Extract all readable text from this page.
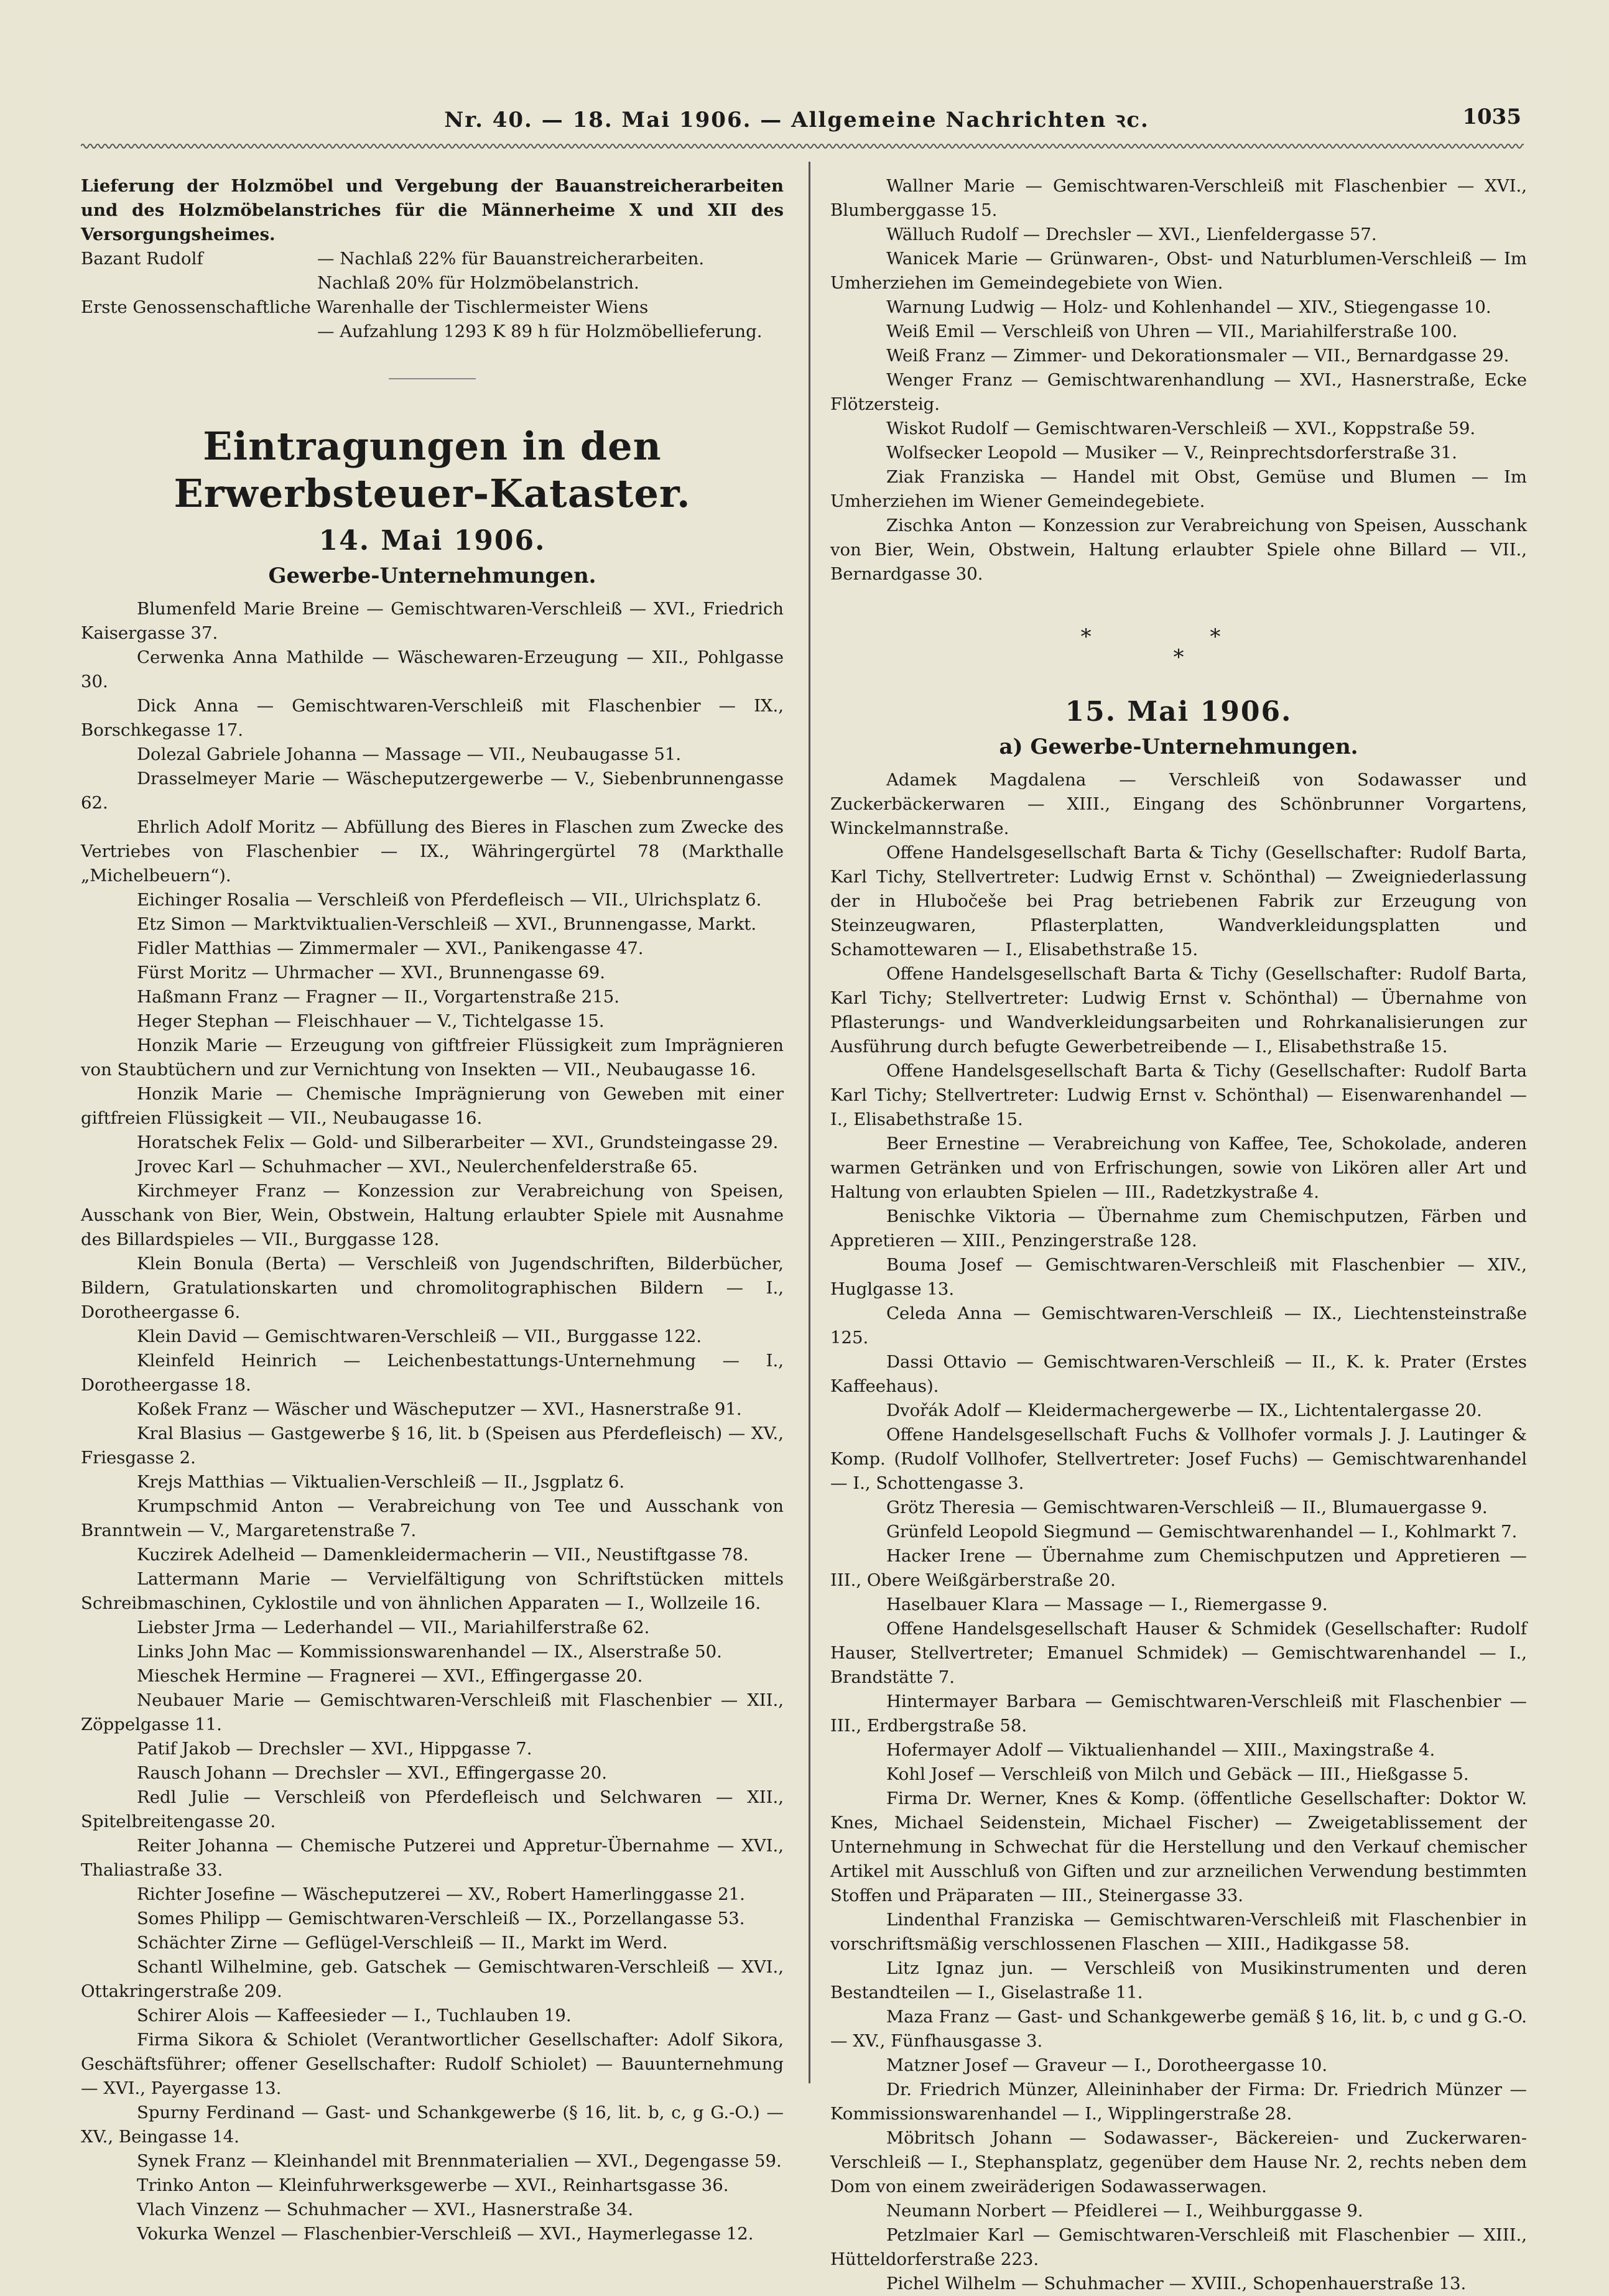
Nr. 40. — 18. Mai 1906. — Allgemeine Nachrichten ꝛc.	1035

Lieferung der Holzmöbel und Vergebung der Bauanstreicherarbeiten und des Holzmöbelanstriches für die Männerheime X und XII des Versorgungsheimes.

Bazant Rudolf	— Nachlaß 22% für Bauanstreicherarbeiten.
Nachlaß 20% für Holzmöbelanstrich.
Erste Genossenschaftliche Warenhalle der Tischlermeister Wiens
— Aufzahlung 1293 K 89 h für Holzmöbellieferung.
Eintragungen in den Erwerbsteuer-Kataster.
14. Mai 1906.
Gewerbe-Unternehmungen.

Blumenfeld Marie Breine — Gemischtwaren-Verschleiß — XVI., Friedrich Kaisergasse 37.

Cerwenka Anna Mathilde — Wäschewaren-Erzeugung — XII., Pohlgasse 30.

Dick Anna — Gemischtwaren-Verschleiß mit Flaschenbier — IX., Borschkegasse 17.

Dolezal Gabriele Johanna — Massage — VII., Neubaugasse 51.

Drasselmeyer Marie — Wäscheputzergewerbe — V., Siebenbrunnengasse 62.

Ehrlich Adolf Moritz — Abfüllung des Bieres in Flaschen zum Zwecke des Vertriebes von Flaschenbier — IX., Währingergürtel 78 (Markthalle „Michelbeuern“).

Eichinger Rosalia — Verschleiß von Pferdefleisch — VII., Ulrichsplatz 6.

Etz Simon — Marktviktualien-Verschleiß — XVI., Brunnengasse, Markt.

Fidler Matthias — Zimmermaler — XVI., Panikengasse 47.

Fürst Moritz — Uhrmacher — XVI., Brunnengasse 69.

Haßmann Franz — Fragner — II., Vorgartenstraße 215.

Heger Stephan — Fleischhauer — V., Tichtelgasse 15.

Honzik Marie — Erzeugung von giftfreier Flüssigkeit zum Imprägnieren von Staubtüchern und zur Vernichtung von Insekten — VII., Neubaugasse 16.

Honzik Marie — Chemische Imprägnierung von Geweben mit einer giftfreien Flüssigkeit — VII., Neubaugasse 16.

Horatschek Felix — Gold- und Silberarbeiter — XVI., Grundsteingasse 29.

Jrovec Karl — Schuhmacher — XVI., Neulerchenfelderstraße 65.

Kirchmeyer Franz — Konzession zur Verabreichung von Speisen, Ausschank von Bier, Wein, Obstwein, Haltung erlaubter Spiele mit Ausnahme des Billardspieles — VII., Burggasse 128.

Klein Bonula (Berta) — Verschleiß von Jugendschriften, Bilderbücher, Bildern, Gratulationskarten und chromolitographischen Bildern — I., Dorotheergasse 6.

Klein David — Gemischtwaren-Verschleiß — VII., Burggasse 122.

Kleinfeld Heinrich — Leichenbestattungs-Unternehmung — I., Dorotheergasse 18.

Koßek Franz — Wäscher und Wäscheputzer — XVI., Hasnerstraße 91.

Kral Blasius — Gastgewerbe § 16, lit. b (Speisen aus Pferdefleisch) — XV., Friesgasse 2.

Krejs Matthias — Viktualien-Verschleiß — II., Jsgplatz 6.

Krumpschmid Anton — Verabreichung von Tee und Ausschank von Branntwein — V., Margaretenstraße 7.

Kuczirek Adelheid — Damenkleidermacherin — VII., Neustiftgasse 78.

Lattermann Marie — Vervielfältigung von Schriftstücken mittels Schreibmaschinen, Cyklostile und von ähnlichen Apparaten — I., Wollzeile 16.

Liebster Jrma — Lederhandel — VII., Mariahilferstraße 62.

Links John Mac — Kommissionswarenhandel — IX., Alserstraße 50.

Mieschek Hermine — Fragnerei — XVI., Effingergasse 20.

Neubauer Marie — Gemischtwaren-Verschleiß mit Flaschenbier — XII., Zöppelgasse 11.

Patif Jakob — Drechsler — XVI., Hippgasse 7.

Rausch Johann — Drechsler — XVI., Effingergasse 20.

Redl Julie — Verschleiß von Pferdefleisch und Selchwaren — XII., Spitelbreitengasse 20.

Reiter Johanna — Chemische Putzerei und Appretur-Übernahme — XVI., Thaliastraße 33.

Richter Josefine — Wäscheputzerei — XV., Robert Hamerlinggasse 21.

Somes Philipp — Gemischtwaren-Verschleiß — IX., Porzellangasse 53.

Schächter Zirne — Geflügel-Verschleiß — II., Markt im Werd.

Schantl Wilhelmine, geb. Gatschek — Gemischtwaren-Verschleiß — XVI., Ottakringerstraße 209.

Schirer Alois — Kaffeesieder — I., Tuchlauben 19.

Firma Sikora & Schiolet (Verantwortlicher Gesellschafter: Adolf Sikora, Geschäftsführer; offener Gesellschafter: Rudolf Schiolet) — Bauunternehmung — XVI., Payergasse 13.

Spurny Ferdinand — Gast- und Schankgewerbe (§ 16, lit. b, c, g G.-O.) — XV., Beingasse 14.

Synek Franz — Kleinhandel mit Brennmaterialien — XVI., Degengasse 59.

Trinko Anton — Kleinfuhrwerksgewerbe — XVI., Reinhartsgasse 36.

Vlach Vinzenz — Schuhmacher — XVI., Hasnerstraße 34.

Vokurka Wenzel — Flaschenbier-Verschleiß — XVI., Haymerlegasse 12.

Wallner Marie — Gemischtwaren-Verschleiß mit Flaschenbier — XVI., Blumberggasse 15.

Wälluch Rudolf — Drechsler — XVI., Lienfeldergasse 57.

Wanicek Marie — Grünwaren-, Obst- und Naturblumen-Verschleiß — Im Umherziehen im Gemeindegebiete von Wien.

Warnung Ludwig — Holz- und Kohlenhandel — XIV., Stiegengasse 10.

Weiß Emil — Verschleiß von Uhren — VII., Mariahilferstraße 100.

Weiß Franz — Zimmer- und Dekorationsmaler — VII., Bernardgasse 29.

Wenger Franz — Gemischtwarenhandlung — XVI., Hasnerstraße, Ecke Flötzersteig.

Wiskot Rudolf — Gemischtwaren-Verschleiß — XVI., Koppstraße 59.

Wolfsecker Leopold — Musiker — V., Reinprechtsdorferstraße 31.

Ziak Franziska — Handel mit Obst, Gemüse und Blumen — Im Umherziehen im Wiener Gemeindegebiete.

Zischka Anton — Konzession zur Verabreichung von Speisen, Ausschank von Bier, Wein, Obstwein, Haltung erlaubter Spiele ohne Billard — VII., Bernardgasse 30.

* *
*
15. Mai 1906.
a) Gewerbe-Unternehmungen.

Adamek Magdalena — Verschleiß von Sodawasser und Zuckerbäckerwaren — XIII., Eingang des Schönbrunner Vorgartens, Winckelmannstraße.

Offene Handelsgesellschaft Barta & Tichy (Gesellschafter: Rudolf Barta, Karl Tichy, Stellvertreter: Ludwig Ernst v. Schönthal) — Zweigniederlassung der in Hlubočeše bei Prag betriebenen Fabrik zur Erzeugung von Steinzeugwaren, Pflasterplatten, Wandverkleidungsplatten und Schamottewaren — I., Elisabethstraße 15.

Offene Handelsgesellschaft Barta & Tichy (Gesellschafter: Rudolf Barta, Karl Tichy; Stellvertreter: Ludwig Ernst v. Schönthal) — Übernahme von Pflasterungs- und Wandverkleidungsarbeiten und Rohrkanalisierungen zur Ausführung durch befugte Gewerbetreibende — I., Elisabethstraße 15.

Offene Handelsgesellschaft Barta & Tichy (Gesellschafter: Rudolf Barta Karl Tichy; Stellvertreter: Ludwig Ernst v. Schönthal) — Eisenwarenhandel — I., Elisabethstraße 15.

Beer Ernestine — Verabreichung von Kaffee, Tee, Schokolade, anderen warmen Getränken und von Erfrischungen, sowie von Likören aller Art und Haltung von erlaubten Spielen — III., Radetzkystraße 4.

Benischke Viktoria — Übernahme zum Chemischputzen, Färben und Appretieren — XIII., Penzingerstraße 128.

Bouma Josef — Gemischtwaren-Verschleiß mit Flaschenbier — XIV., Huglgasse 13.

Celeda Anna — Gemischtwaren-Verschleiß — IX., Liechtensteinstraße 125.

Dassi Ottavio — Gemischtwaren-Verschleiß — II., K. k. Prater (Erstes Kaffeehaus).

Dvořák Adolf — Kleidermachergewerbe — IX., Lichtentalergasse 20.

Offene Handelsgesellschaft Fuchs & Vollhofer vormals J. J. Lautinger & Komp. (Rudolf Vollhofer, Stellvertreter: Josef Fuchs) — Gemischtwarenhandel — I., Schottengasse 3.

Grötz Theresia — Gemischtwaren-Verschleiß — II., Blumauergasse 9.

Grünfeld Leopold Siegmund — Gemischtwarenhandel — I., Kohlmarkt 7.

Hacker Irene — Übernahme zum Chemischputzen und Appretieren — III., Obere Weißgärberstraße 20.

Haselbauer Klara — Massage — I., Riemergasse 9.

Offene Handelsgesellschaft Hauser & Schmidek (Gesellschafter: Rudolf Hauser, Stellvertreter; Emanuel Schmidek) — Gemischtwarenhandel — I., Brandstätte 7.

Hintermayer Barbara — Gemischtwaren-Verschleiß mit Flaschenbier — III., Erdbergstraße 58.

Hofermayer Adolf — Viktualienhandel — XIII., Maxingstraße 4.

Kohl Josef — Verschleiß von Milch und Gebäck — III., Hießgasse 5.

Firma Dr. Werner, Knes & Komp. (öffentliche Gesellschafter: Doktor W. Knes, Michael Seidenstein, Michael Fischer) — Zweigetablissement der Unternehmung in Schwechat für die Herstellung und den Verkauf chemischer Artikel mit Ausschluß von Giften und zur arzneilichen Verwendung bestimmten Stoffen und Präparaten — III., Steinergasse 33.

Lindenthal Franziska — Gemischtwaren-Verschleiß mit Flaschenbier in vorschriftsmäßig verschlossenen Flaschen — XIII., Hadikgasse 58.

Litz Ignaz jun. — Verschleiß von Musikinstrumenten und deren Bestandteilen — I., Giselastraße 11.

Maza Franz — Gast- und Schankgewerbe gemäß § 16, lit. b, c und g G.-O. — XV., Fünfhausgasse 3.

Matzner Josef — Graveur — I., Dorotheergasse 10.

Dr. Friedrich Münzer, Alleininhaber der Firma: Dr. Friedrich Münzer — Kommissionswarenhandel — I., Wipplingerstraße 28.

Möbritsch Johann — Sodawasser-, Bäckereien- und Zuckerwaren-Verschleiß — I., Stephansplatz, gegenüber dem Hause Nr. 2, rechts neben dem Dom von einem zweiräderigen Sodawasserwagen.

Neumann Norbert — Pfeidlerei — I., Weihburggasse 9.

Petzlmaier Karl — Gemischtwaren-Verschleiß mit Flaschenbier — XIII., Hütteldorferstraße 223.

Pichel Wilhelm — Schuhmacher — XVIII., Schopenhauerstraße 13.
